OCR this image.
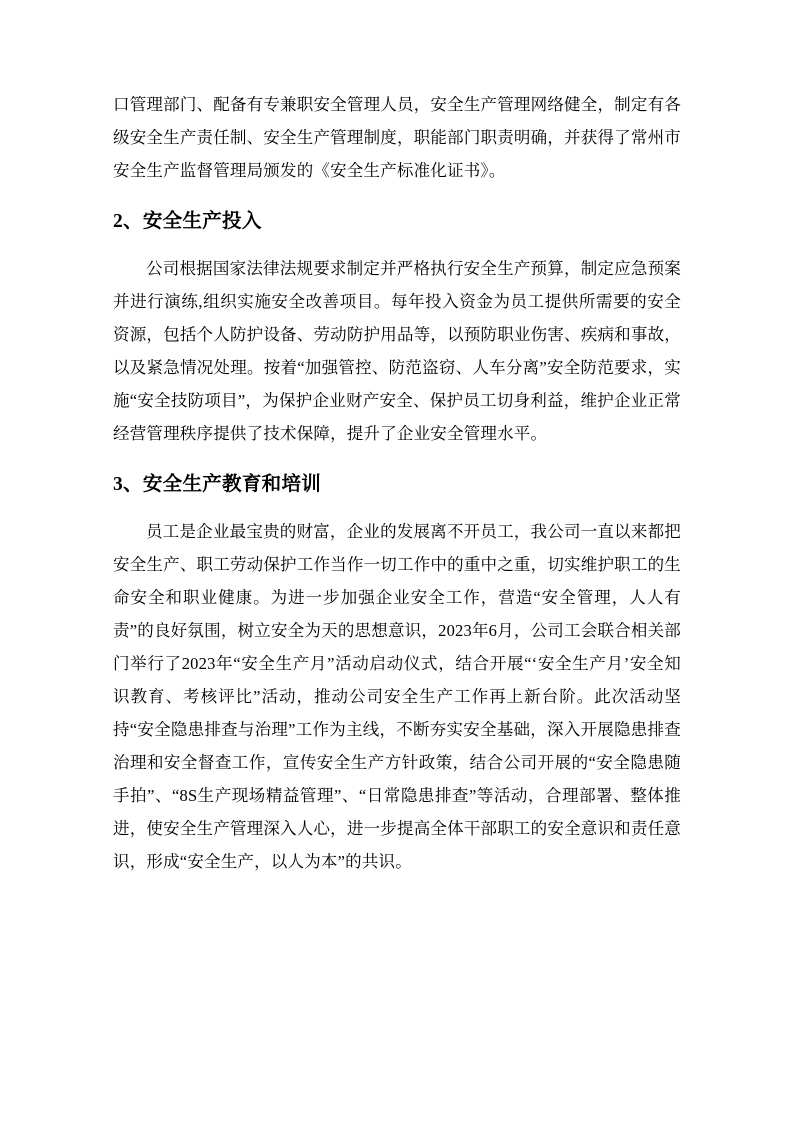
口管理部门、配备有专兼职安全管理人员，安全生产管理网络健全，制定有各级安全生产责任制、安全生产管理制度，职能部门职责明确，并获得了常州市安全生产监督管理局颁发的《安全生产标准化证书》。

2、安全生产投入

公司根据国家法律法规要求制定并严格执行安全生产预算，制定应急预案并进行演练,组织实施安全改善项目。每年投入资金为员工提供所需要的安全资源，包括个人防护设备、劳动防护用品等，以预防职业伤害、疾病和事故，以及紧急情况处理。按着“加强管控、防范盗窃、人车分离”安全防范要求，实施“安全技防项目”，为保护企业财产安全、保护员工切身利益，维护企业正常经营管理秩序提供了技术保障，提升了企业安全管理水平。

3、安全生产教育和培训

员工是企业最宝贵的财富，企业的发展离不开员工，我公司一直以来都把安全生产、职工劳动保护工作当作一切工作中的重中之重，切实维护职工的生命安全和职业健康。为进一步加强企业安全工作，营造“安全管理，人人有责”的良好氛围，树立安全为天的思想意识，2023年6月，公司工会联合相关部门举行了2023年“安全生产月”活动启动仪式，结合开展“‘安全生产月’安全知识教育、考核评比”活动，推动公司安全生产工作再上新台阶。此次活动坚持“安全隐患排查与治理”工作为主线，不断夯实安全基础，深入开展隐患排查治理和安全督查工作，宣传安全生产方针政策，结合公司开展的“安全隐患随手拍”、“8S生产现场精益管理”、“日常隐患排查”等活动，合理部署、整体推进，使安全生产管理深入人心，进一步提高全体干部职工的安全意识和责任意识，形成“安全生产，以人为本”的共识。
